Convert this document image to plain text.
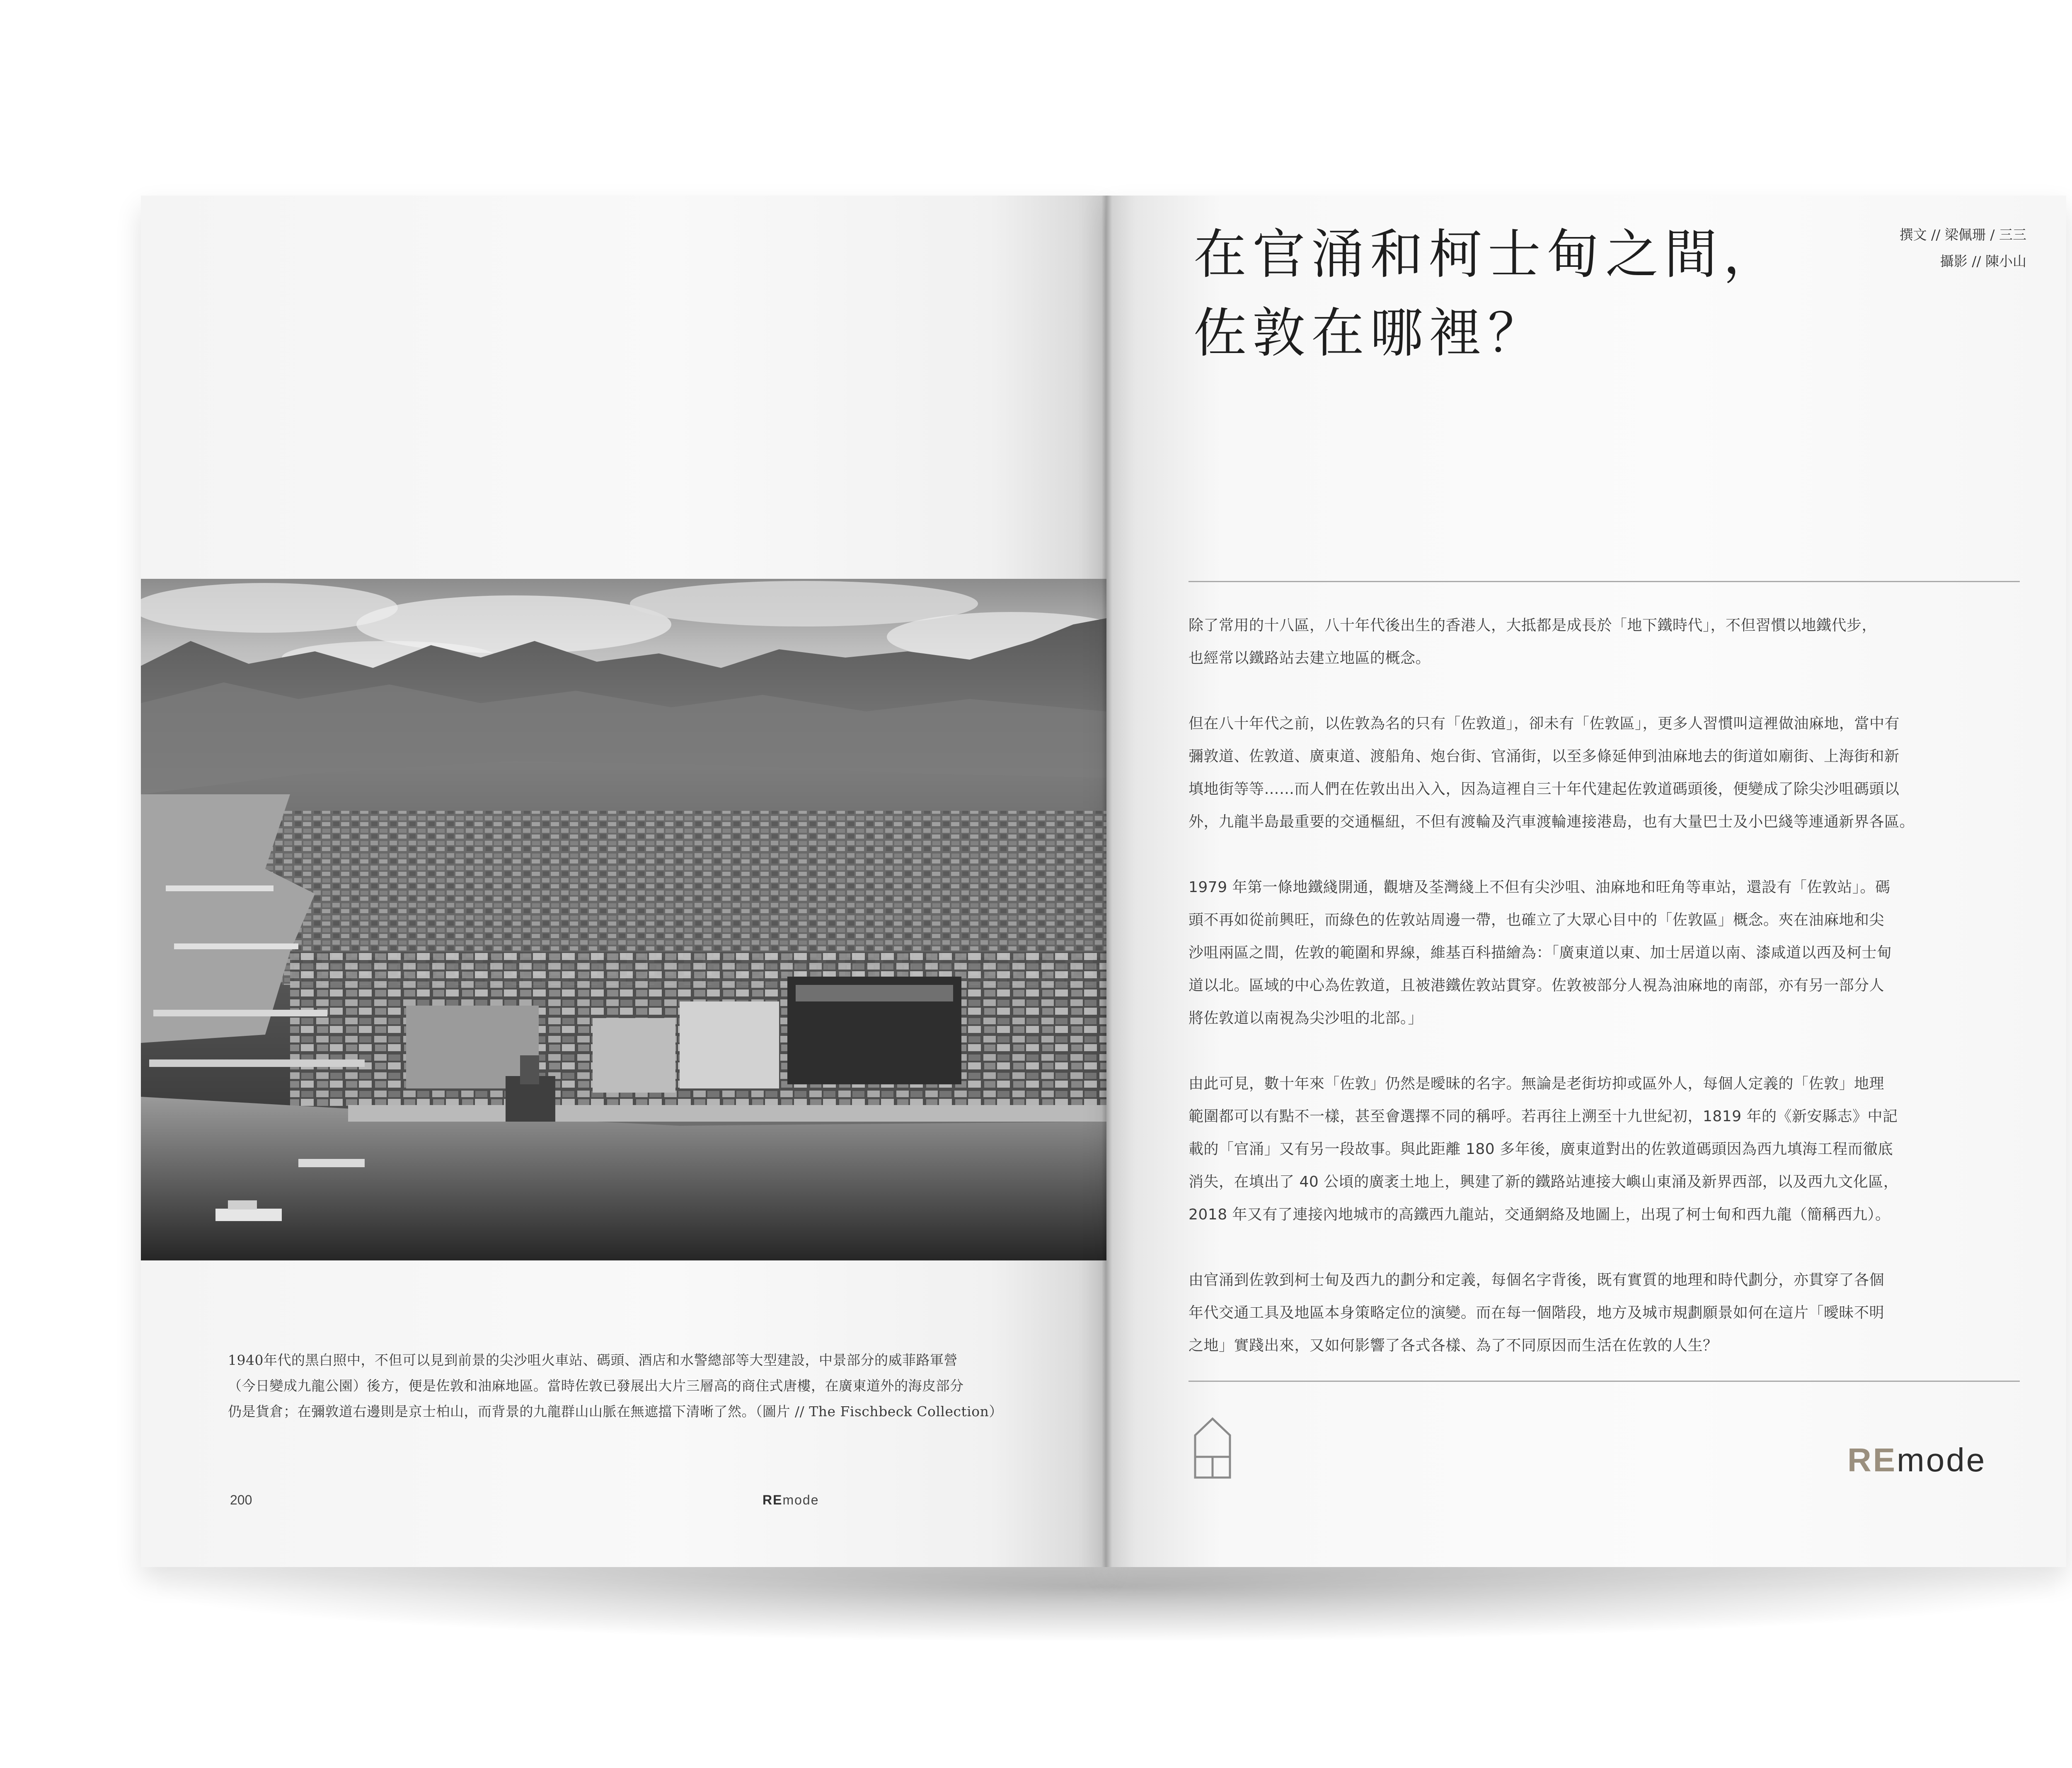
1940年代的黑白照中，不但可以見到前景的尖沙咀火車站、碼頭、酒店和水警總部等大型建設，中景部分的威菲路軍營

（今日變成九龍公園）後方，便是佐敦和油麻地區。當時佐敦已發展出大片三層高的商住式唐樓，在廣東道外的海皮部分

仍是貨倉；在彌敦道右邊則是京士柏山，而背景的九龍群山山脈在無遮擋下清晰了然。（圖片 // The Fischbeck Collection）

200	REmode
在官涌和柯士甸之間，
佐敦在哪裡？
撰文 // 梁佩珊 / 三三
攝影 // 陳小山

除了常用的十八區，八十年代後出生的香港人，大抵都是成長於「地下鐵時代」，不但習慣以地鐵代步，
也經常以鐵路站去建立地區的概念。

但在八十年代之前，以佐敦為名的只有「佐敦道」，卻未有「佐敦區」，更多人習慣叫這裡做油麻地，當中有
彌敦道、佐敦道、廣東道、渡船角、炮台街、官涌街，以至多條延伸到油麻地去的街道如廟街、上海街和新
填地街等等……而人們在佐敦出出入入，因為這裡自三十年代建起佐敦道碼頭後，便變成了除尖沙咀碼頭以
外，九龍半島最重要的交通樞紐，不但有渡輪及汽車渡輪連接港島，也有大量巴士及小巴綫等連通新界各區。

1979 年第一條地鐵綫開通，觀塘及荃灣綫上不但有尖沙咀、油麻地和旺角等車站，還設有「佐敦站」。碼
頭不再如從前興旺，而綠色的佐敦站周邊一帶，也確立了大眾心目中的「佐敦區」概念。夾在油麻地和尖
沙咀兩區之間，佐敦的範圍和界線，維基百科描繪為：「廣東道以東、加士居道以南、漆咸道以西及柯士甸
道以北。區域的中心為佐敦道，且被港鐵佐敦站貫穿。佐敦被部分人視為油麻地的南部，亦有另一部分人
將佐敦道以南視為尖沙咀的北部。」

由此可見，數十年來「佐敦」仍然是曖昧的名字。無論是老街坊抑或區外人，每個人定義的「佐敦」地理
範圍都可以有點不一樣，甚至會選擇不同的稱呼。若再往上溯至十九世紀初，1819 年的《新安縣志》中記
載的「官涌」又有另一段故事。與此距離 180 多年後，廣東道對出的佐敦道碼頭因為西九填海工程而徹底
消失，在填出了 40 公頃的廣袤土地上，興建了新的鐵路站連接大嶼山東涌及新界西部，以及西九文化區，
2018 年又有了連接內地城市的高鐵西九龍站，交通網絡及地圖上，出現了柯士甸和西九龍（簡稱西九）。

由官涌到佐敦到柯士甸及西九的劃分和定義，每個名字背後，既有實質的地理和時代劃分，亦貫穿了各個
年代交通工具及地區本身策略定位的演變。而在每一個階段，地方及城市規劃願景如何在這片「曖昧不明
之地」實踐出來，又如何影響了各式各樣、為了不同原因而生活在佐敦的人生？

REmode
